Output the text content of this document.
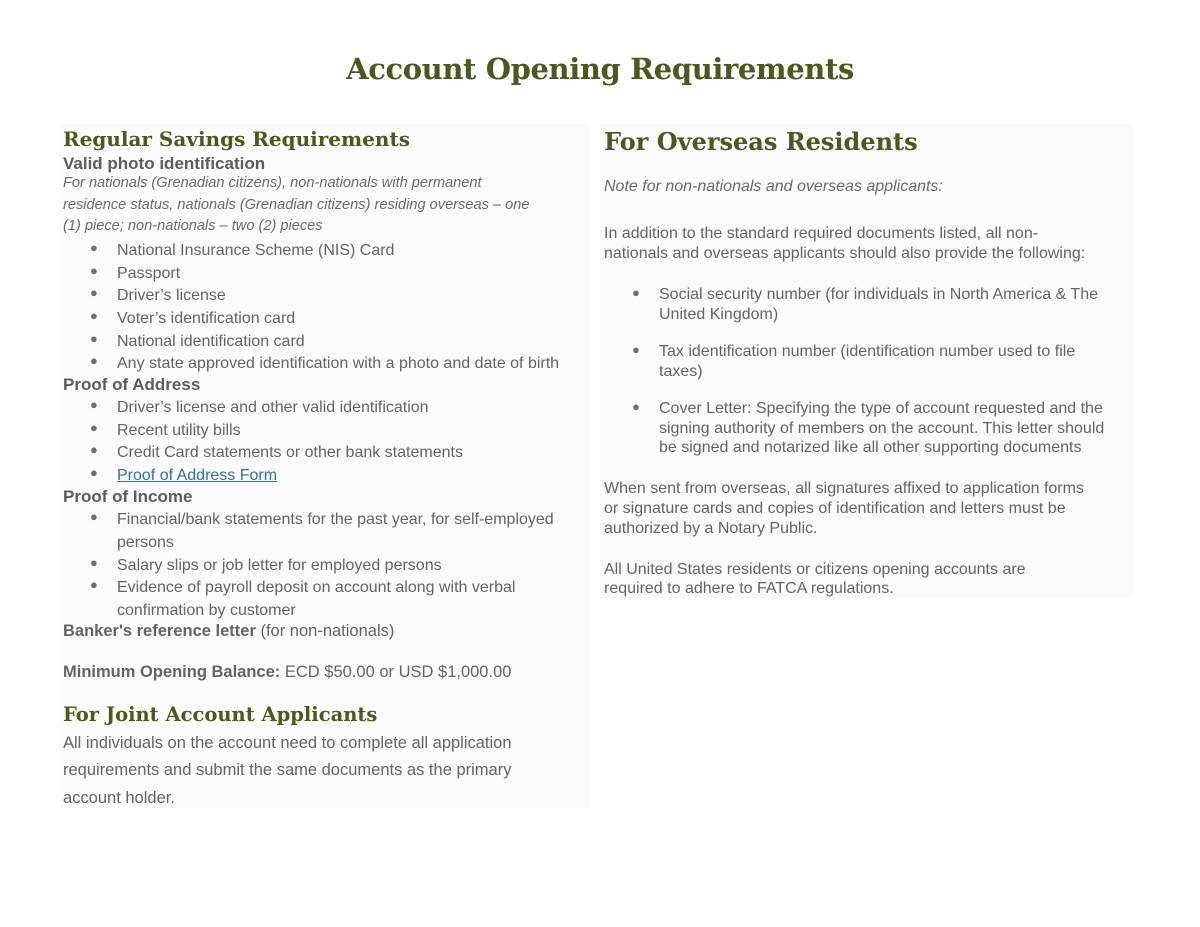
Account Opening Requirements
Regular Savings Requirements
Valid photo identification
For nationals (Grenadian citizens), non-nationals with permanent
residence status, nationals (Grenadian citizens) residing overseas – one
(1) piece; non-nationals – two (2) pieces
● National Insurance Scheme (NIS) Card
● Passport
● Driver’s license
● Voter’s identification card
● National identification card
● Any state approved identification with a photo and date of birth
Proof of Address
● Driver’s license and other valid identification
● Recent utility bills
● Credit Card statements or other bank statements
● Proof of Address Form
Proof of Income
● Financial/bank statements for the past year, for self-employed
persons
● Salary slips or job letter for employed persons
● Evidence of payroll deposit on account along with verbal
confirmation by customer
Banker's reference letter (for non-nationals)
Minimum Opening Balance: ECD $50.00 or USD $1,000.00
For Joint Account Applicants
All individuals on the account need to complete all application
requirements and submit the same documents as the primary
account holder.
For Overseas Residents
Note for non-nationals and overseas applicants:
In addition to the standard required documents listed, all non-
nationals and overseas applicants should also provide the following:
● Social security number (for individuals in North America & The
United Kingdom)
● Tax identification number (identification number used to file
taxes)
● Cover Letter: Specifying the type of account requested and the
signing authority of members on the account. This letter should
be signed and notarized like all other supporting documents
When sent from overseas, all signatures affixed to application forms
or signature cards and copies of identification and letters must be
authorized by a Notary Public.
All United States residents or citizens opening accounts are
required to adhere to FATCA regulations.
